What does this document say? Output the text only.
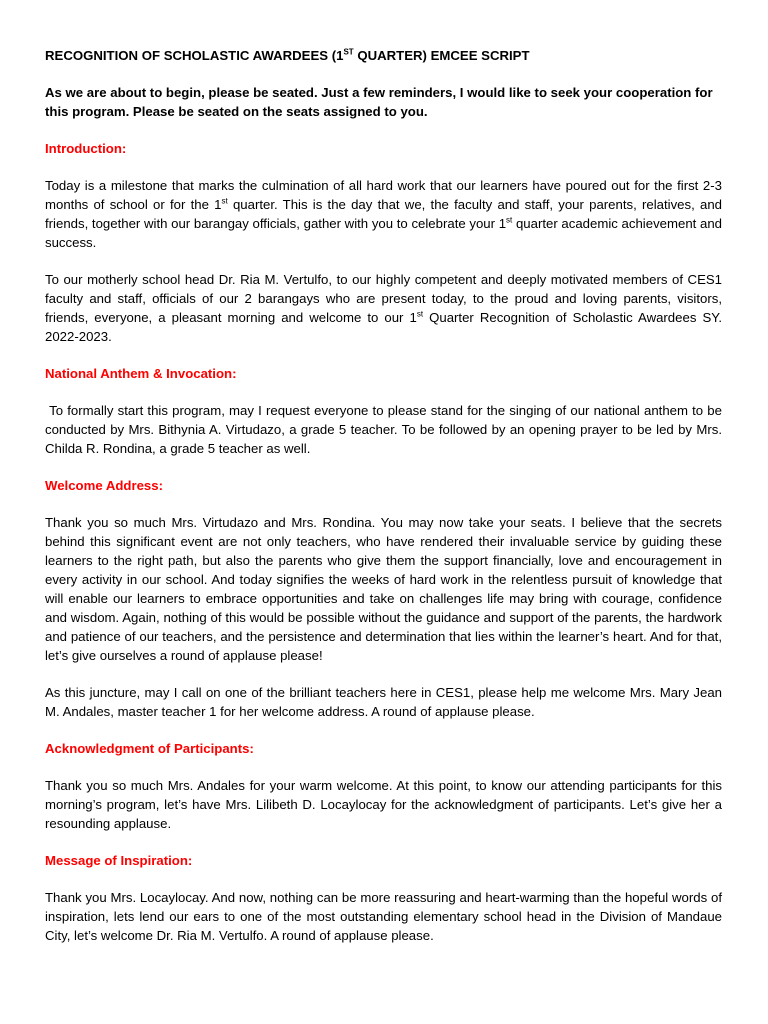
RECOGNITION OF SCHOLASTIC AWARDEES (1ST QUARTER) EMCEE SCRIPT

As we are about to begin, please be seated. Just a few reminders, I would like to seek your cooperation for this program. Please be seated on the seats assigned to you.

Introduction:

Today is a milestone that marks the culmination of all hard work that our learners have poured out for the first 2-3 months of school or for the 1st quarter. This is the day that we, the faculty and staff, your parents, relatives, and friends, together with our barangay officials, gather with you to celebrate your 1st quarter academic achievement and success.

To our motherly school head Dr. Ria M. Vertulfo, to our highly competent and deeply motivated members of CES1 faculty and staff, officials of our 2 barangays who are present today, to the proud and loving parents, visitors, friends, everyone, a pleasant morning and welcome to our 1st Quarter Recognition of Scholastic Awardees SY. 2022-2023.

National Anthem & Invocation:

To formally start this program, may I request everyone to please stand for the singing of our national anthem to be conducted by Mrs. Bithynia A. Virtudazo, a grade 5 teacher. To be followed by an opening prayer to be led by Mrs. Childa R. Rondina, a grade 5 teacher as well.

Welcome Address:

Thank you so much Mrs. Virtudazo and Mrs. Rondina. You may now take your seats. I believe that the secrets behind this significant event are not only teachers, who have rendered their invaluable service by guiding these learners to the right path, but also the parents who give them the support financially, love and encouragement in every activity in our school. And today signifies the weeks of hard work in the relentless pursuit of knowledge that will enable our learners to embrace opportunities and take on challenges life may bring with courage, confidence and wisdom. Again, nothing of this would be possible without the guidance and support of the parents, the hardwork and patience of our teachers, and the persistence and determination that lies within the learner’s heart. And for that, let’s give ourselves a round of applause please!

As this juncture, may I call on one of the brilliant teachers here in CES1, please help me welcome Mrs. Mary Jean M. Andales, master teacher 1 for her welcome address. A round of applause please.

Acknowledgment of Participants:

Thank you so much Mrs. Andales for your warm welcome. At this point, to know our attending participants for this morning’s program, let’s have Mrs. Lilibeth D. Locaylocay for the acknowledgment of participants. Let’s give her a resounding applause.

Message of Inspiration:

Thank you Mrs. Locaylocay. And now, nothing can be more reassuring and heart-warming than the hopeful words of inspiration, lets lend our ears to one of the most outstanding elementary school head in the Division of Mandaue City, let’s welcome Dr. Ria M. Vertulfo. A round of applause please.
